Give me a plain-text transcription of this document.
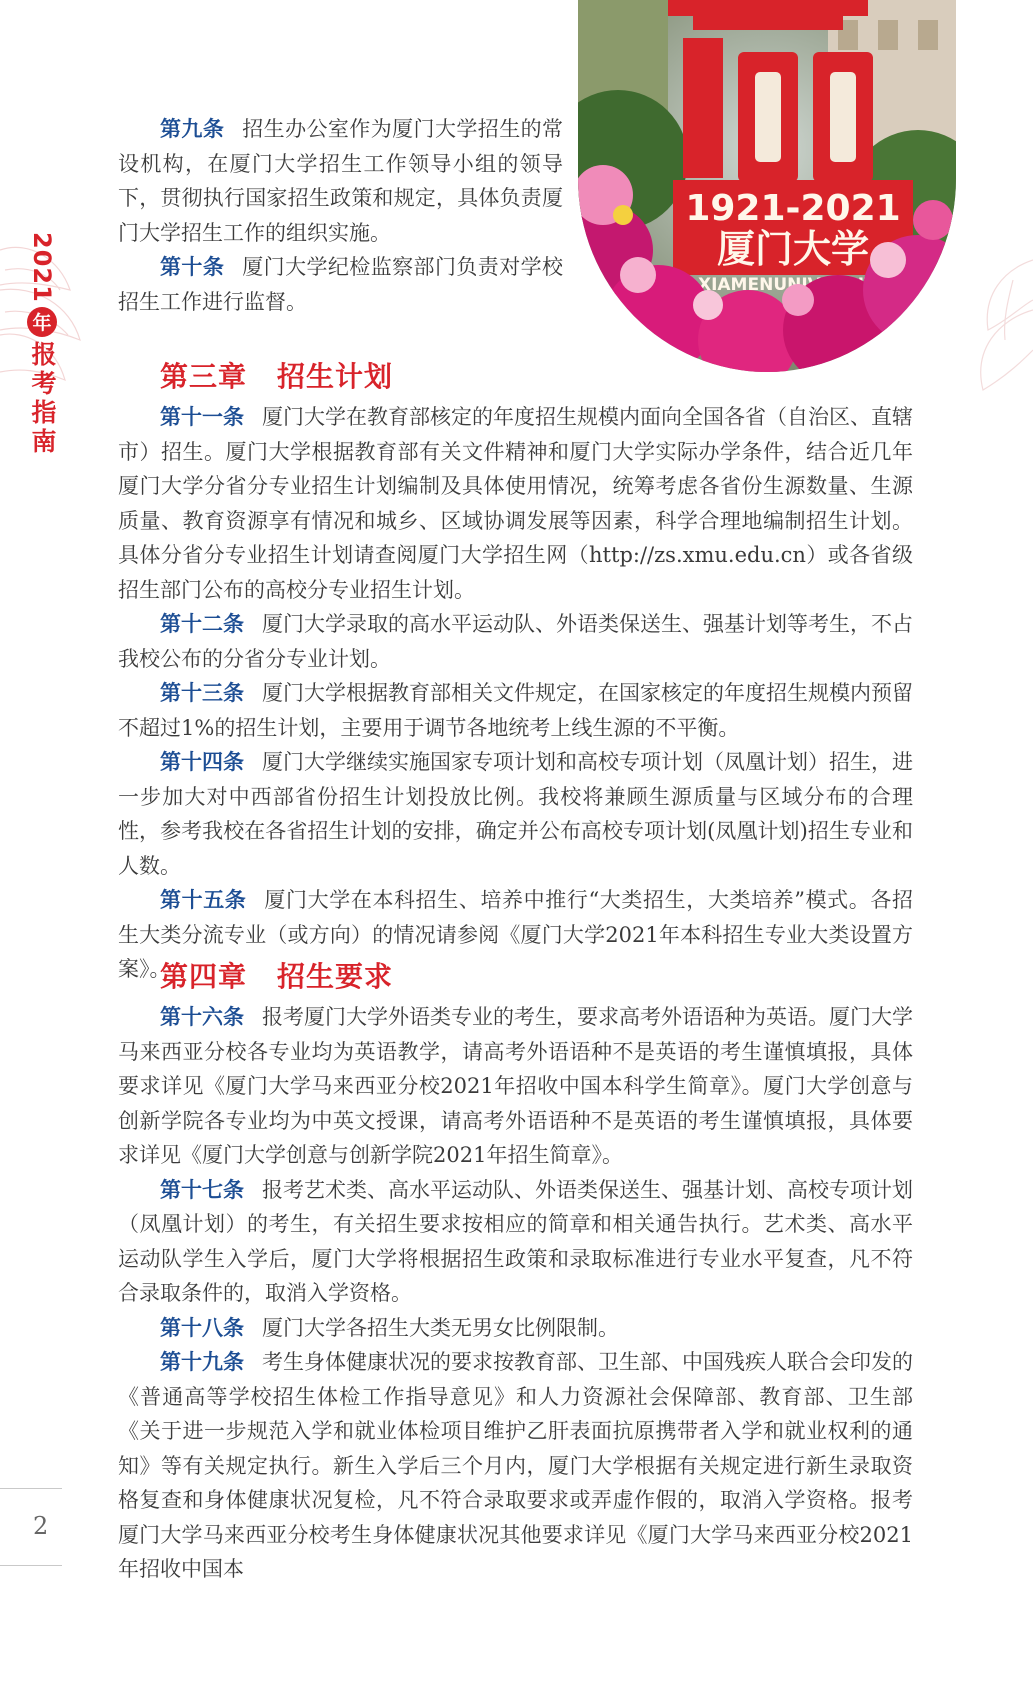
2021
年
报考指南
1921-2021
厦门大学

第九条 招生办公室作为厦门大学招生的常设机构，在厦门大学招生工作领导小组的领导下，贯彻执行国家招生政策和规定，具体负责厦门大学招生工作的组织实施。

第十条 厦门大学纪检监察部门负责对学校招生工作进行监督。

第三章 招生计划

第十一条 厦门大学在教育部核定的年度招生规模内面向全国各省（自治区、直辖市）招生。厦门大学根据教育部有关文件精神和厦门大学实际办学条件，结合近几年厦门大学分省分专业招生计划编制及具体使用情况，统筹考虑各省份生源数量、生源质量、教育资源享有情况和城乡、区域协调发展等因素，科学合理地编制招生计划。具体分省分专业招生计划请查阅厦门大学招生网（http://zs.xmu.edu.cn）或各省级招生部门公布的高校分专业招生计划。

第十二条 厦门大学录取的高水平运动队、外语类保送生、强基计划等考生，不占我校公布的分省分专业计划。

第十三条 厦门大学根据教育部相关文件规定，在国家核定的年度招生规模内预留不超过1%的招生计划，主要用于调节各地统考上线生源的不平衡。

第十四条 厦门大学继续实施国家专项计划和高校专项计划（凤凰计划）招生，进一步加大对中西部省份招生计划投放比例。我校将兼顾生源质量与区域分布的合理性，参考我校在各省招生计划的安排，确定并公布高校专项计划(凤凰计划)招生专业和人数。

第十五条 厦门大学在本科招生、培养中推行“大类招生，大类培养”模式。各招生大类分流专业（或方向）的情况请参阅《厦门大学2021年本科招生专业大类设置方案》。

第四章 招生要求

第十六条 报考厦门大学外语类专业的考生，要求高考外语语种为英语。厦门大学马来西亚分校各专业均为英语教学，请高考外语语种不是英语的考生谨慎填报，具体要求详见《厦门大学马来西亚分校2021年招收中国本科学生简章》。厦门大学创意与创新学院各专业均为中英文授课，请高考外语语种不是英语的考生谨慎填报，具体要求详见《厦门大学创意与创新学院2021年招生简章》。

第十七条 报考艺术类、高水平运动队、外语类保送生、强基计划、高校专项计划（凤凰计划）的考生，有关招生要求按相应的简章和相关通告执行。艺术类、高水平运动队学生入学后，厦门大学将根据招生政策和录取标准进行专业水平复查，凡不符合录取条件的，取消入学资格。

第十八条 厦门大学各招生大类无男女比例限制。

第十九条 考生身体健康状况的要求按教育部、卫生部、中国残疾人联合会印发的《普通高等学校招生体检工作指导意见》和人力资源社会保障部、教育部、卫生部《关于进一步规范入学和就业体检项目维护乙肝表面抗原携带者入学和就业权利的通知》等有关规定执行。新生入学后三个月内，厦门大学根据有关规定进行新生录取资格复查和身体健康状况复检，凡不符合录取要求或弄虚作假的，取消入学资格。报考厦门大学马来西亚分校考生身体健康状况其他要求详见《厦门大学马来西亚分校2021年招收中国本

2
